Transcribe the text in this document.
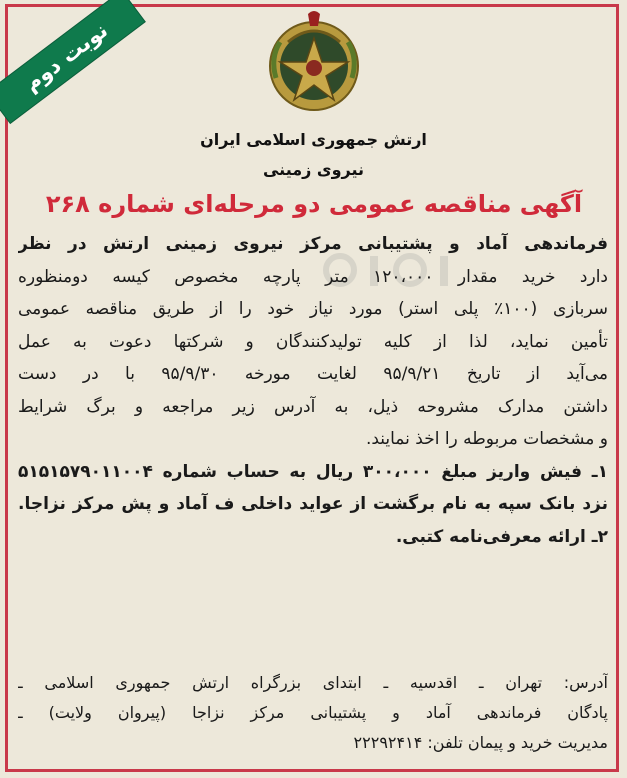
نوبت دوم
ارتش جمهوری اسلامی ایران
نیروی زمینی
آگهی مناقصه عمومی دو مرحله‌ای شماره ۲۶۸
فرماندهی آماد و پشتیبانی مرکز نیروی زمینی ارتش در نظر
دارد خرید مقدار ۱۲۰،۰۰۰ متر پارچه مخصوص کیسه دومنظوره
سربازی (۱۰۰٪ پلی استر) مورد نیاز خود را از طریق مناقصه عمومی
تأمین نماید، لذا از کلیه تولیدکنندگان و شرکتها دعوت به عمل
می‌آید از تاریخ ۹۵/۹/۲۱ لغایت مورخه ۹۵/۹/۳۰ با در دست
داشتن مدارک مشروحه ذیل، به آدرس زیر مراجعه و برگ شرایط
و مشخصات مربوطه را اخذ نمایند.
۱ـ فیش واریز مبلغ ۳۰۰،۰۰۰ ریال به حساب شماره ۵۱۵۱۵۷۹۰۱۱۰۰۴
نزد بانک سپه به نام برگشت از عواید داخلی ف آماد و پش مرکز نزاجا.
۲ـ ارائه معرفی‌نامه کتبی.
آدرس: تهران ـ اقدسیه ـ ابتدای بزرگراه ارتش جمهوری اسلامی ـ
پادگان فرماندهی آماد و پشتیبانی مرکز نزاجا (پیروان ولایت) ـ
مدیریت خرید و پیمان تلفن: ۲۲۲۹۲۴۱۴
